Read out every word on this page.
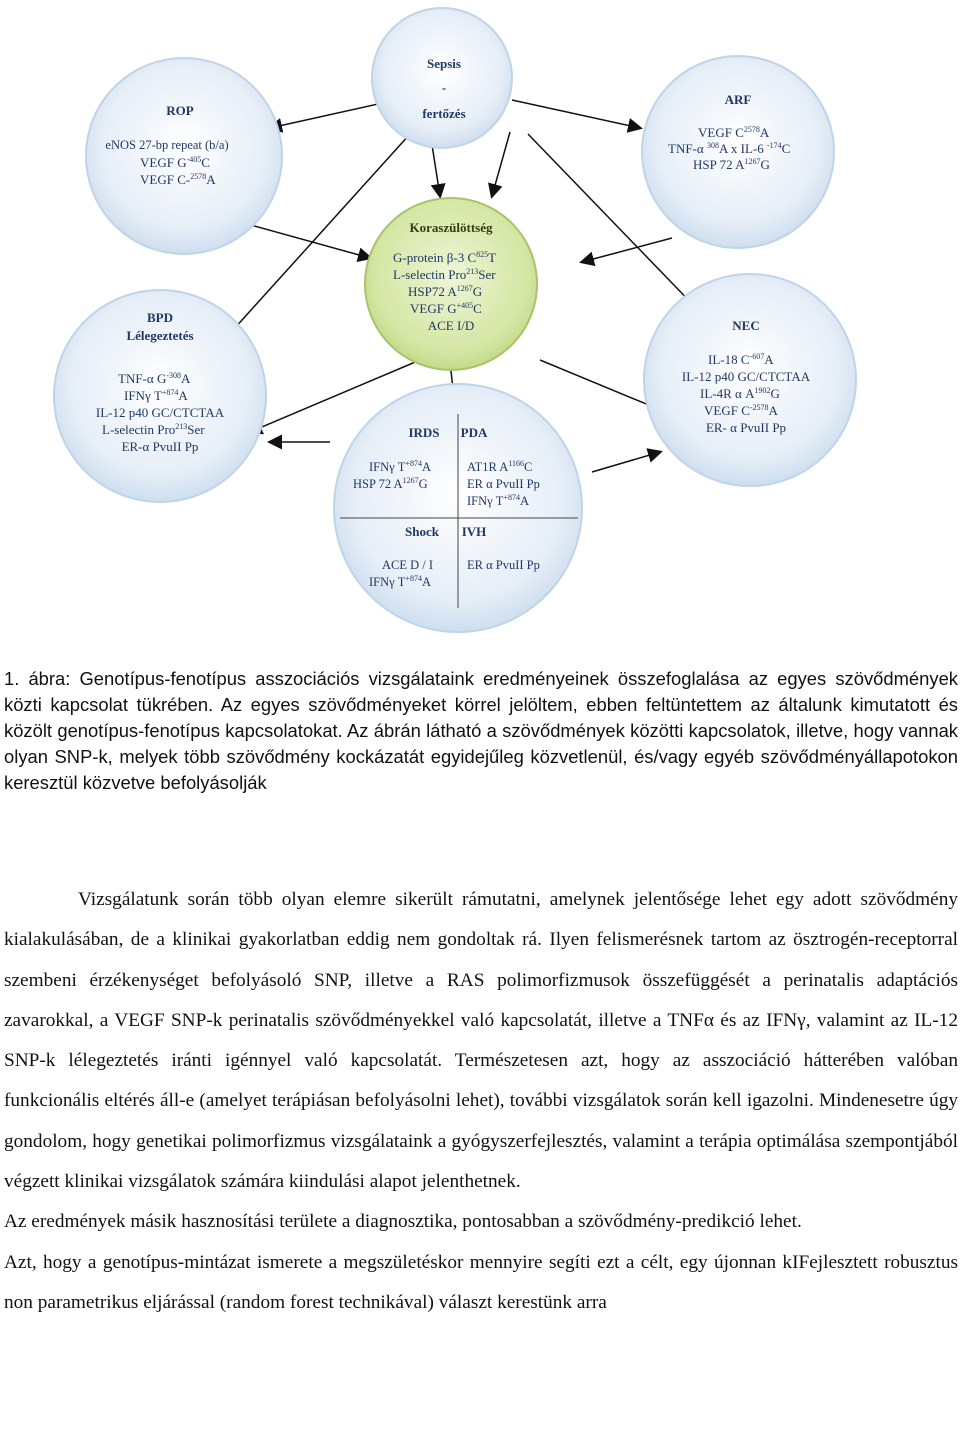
Sepsis
-
fertőzés
ROP
eNOS 27-bp repeat (b/a)
VEGF $G^{-405}C$
VEGF C-$^{2578}$A
ARF
VEGF $C^{2578}A$
TNF-α $^{308}$A x IL-6 $^{-174}$C
HSP 72 $A^{1267}G$
Koraszülöttség
G-protein β-3 $C^{825}T$
L-selectin Pro$^{213}$Ser
HSP72 $A^{1267}G$
VEGF $G^{+405}C$
ACE I/D
BPD
Lélegeztetés
TNF-α $G^{-308}A$
IFNγ $T^{+874}A$
IL-12 p40 GC/CTCTAA
L-selectin Pro$^{213}$Ser
ER-α PvuII Pp
NEC
IL-18 $C^{-607}A$
IL-12 p40 GC/CTCTAA
IL-4R α $A^{1902}G$
VEGF $C^{-2578}A$
ER- α PvuII Pp
IRDS PDA
IFNγ $T^{+874}A$
HSP 72 $A^{1267}G$
AT1R $A^{1166}C$
ER α PvuII Pp
IFNγ $T^{+874}A$
Shock IVH
ACE D / I
IFNγ $T^{+874}A$
ER α PvuII Pp
1. ábra: Genotípus-fenotípus asszociációs vizsgálataink eredményeinek összefoglalása az egyes szövődmények közti kapcsolat tükrében. Az egyes szövődményeket körrel jelöltem, ebben feltüntettem az általunk kimutatott és közölt genotípus-fenotípus kapcsolatokat. Az ábrán látható a szövődmények közötti kapcsolatok, illetve, hogy vannak olyan SNP-k, melyek több szövődmény kockázatát egyidejűleg közvetlenül, és/vagy egyéb szövődményállapotokon keresztül közvetve befolyásolják

Vizsgálatunk során több olyan elemre sikerült rámutatni, amelynek jelentősége lehet egy adott szövődmény kialakulásában, de a klinikai gyakorlatban eddig nem gondoltak rá. Ilyen felismerésnek tartom az ösztrogén-receptorral szembeni érzékenységet befolyásoló SNP, illetve a RAS polimorfizmusok összefüggését a perinatalis adaptációs zavarokkal, a VEGF SNP-k perinatalis szövődményekkel való kapcsolatát, illetve a TNFα és az IFNγ, valamint az IL-12 SNP-k lélegeztetés iránti igénnyel való kapcsolatát. Természetesen azt, hogy az asszociáció hátterében valóban funkcionális eltérés áll-e (amelyet terápiásan befolyásolni lehet), további vizsgálatok során kell igazolni. Mindenesetre úgy gondolom, hogy genetikai polimorfizmus vizsgálataink a gyógyszerfejlesztés, valamint a terápia optimálása szempontjából végzett klinikai vizsgálatok számára kiindulási alapot jelenthetnek.

Az eredmények másik hasznosítási területe a diagnosztika, pontosabban a szövődmény-predikció lehet.

Azt, hogy a genotípus-mintázat ismerete a megszületéskor mennyire segíti ezt a célt, egy újonnan kIFejlesztett robusztus non parametrikus eljárással (random forest technikával) választ kerestünk arra
